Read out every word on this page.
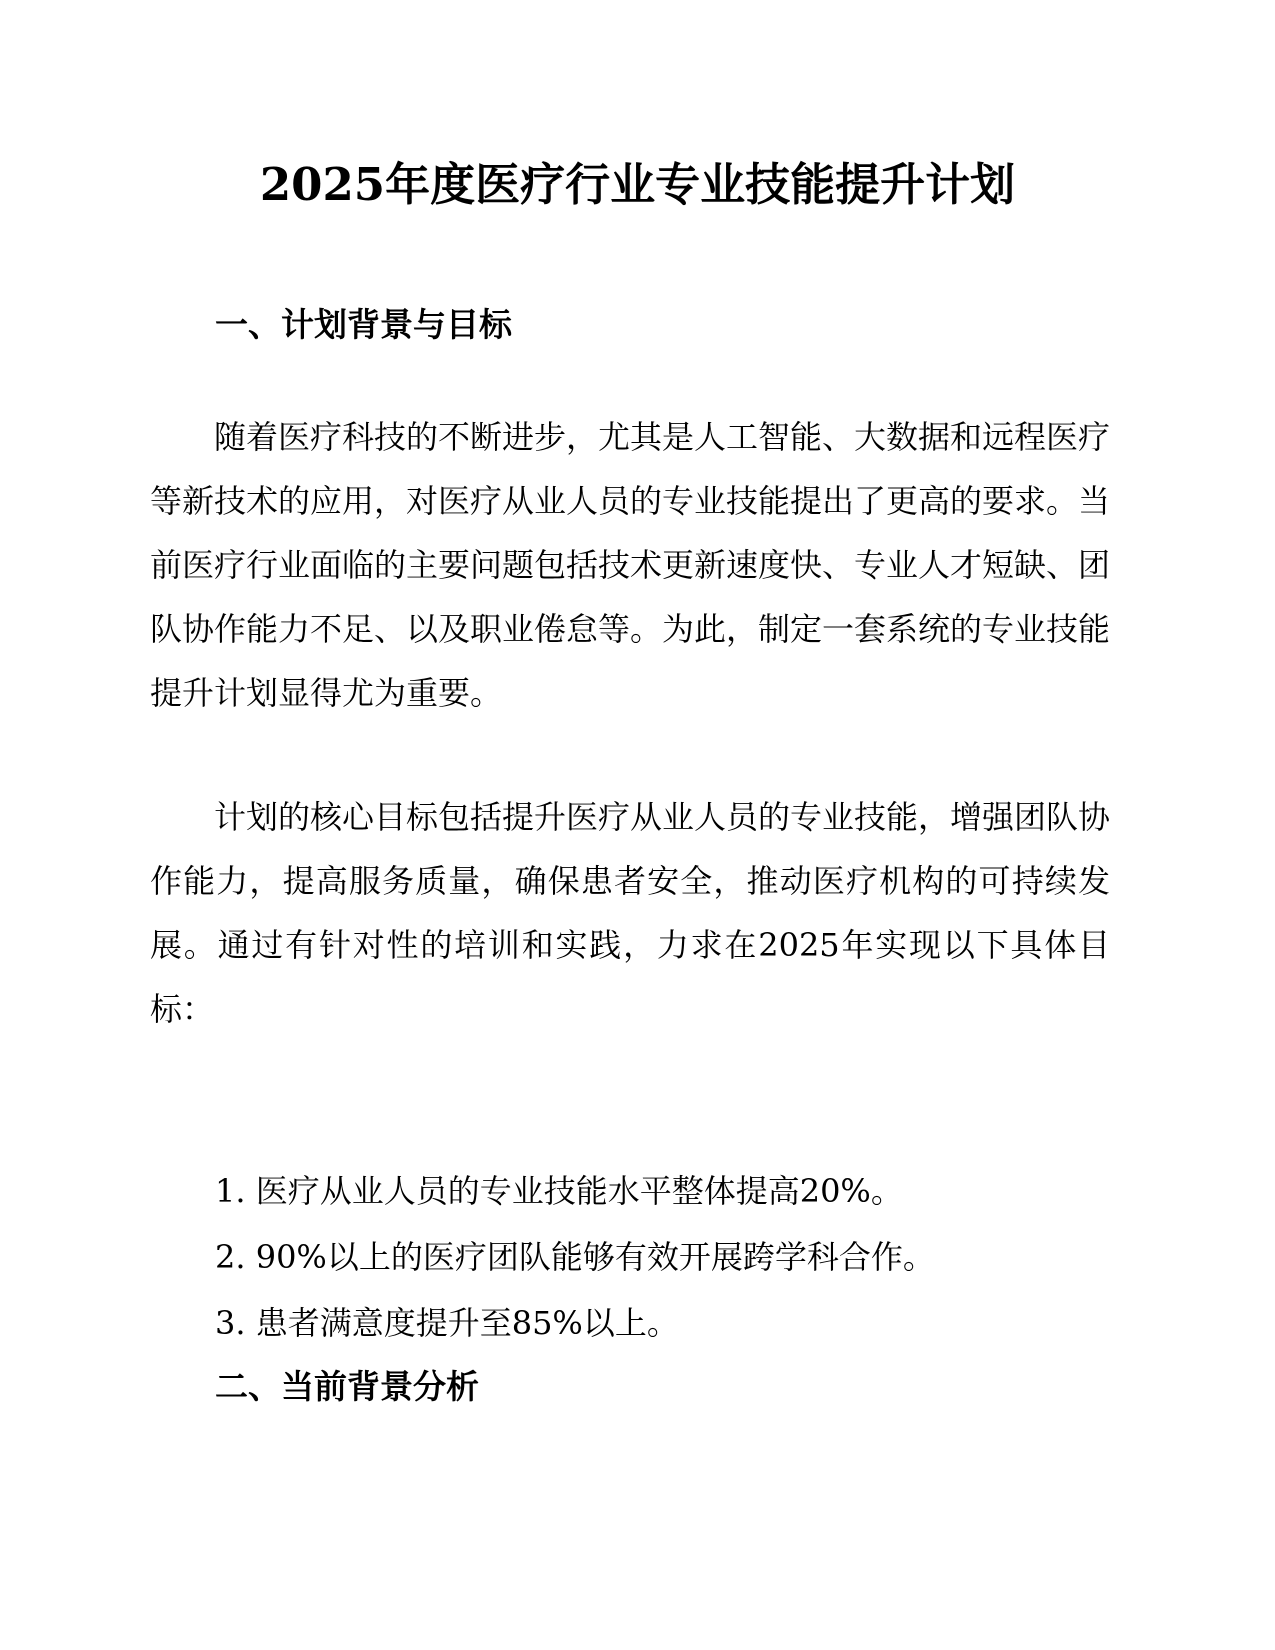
2025年度医疗行业专业技能提升计划
一、计划背景与目标

随着医疗科技的不断进步，尤其是人工智能、大数据和远程医疗等新技术的应用，对医疗从业人员的专业技能提出了更高的要求。当前医疗行业面临的主要问题包括技术更新速度快、专业人才短缺、团队协作能力不足、以及职业倦怠等。为此，制定一套系统的专业技能提升计划显得尤为重要。

计划的核心目标包括提升医疗从业人员的专业技能，增强团队协作能力，提高服务质量，确保患者安全，推动医疗机构的可持续发展。通过有针对性的培训和实践，力求在2025年实现以下具体目标：

1. 医疗从业人员的专业技能水平整体提高20%。
2. 90%以上的医疗团队能够有效开展跨学科合作。
3. 患者满意度提升至85%以上。
二、当前背景分析
